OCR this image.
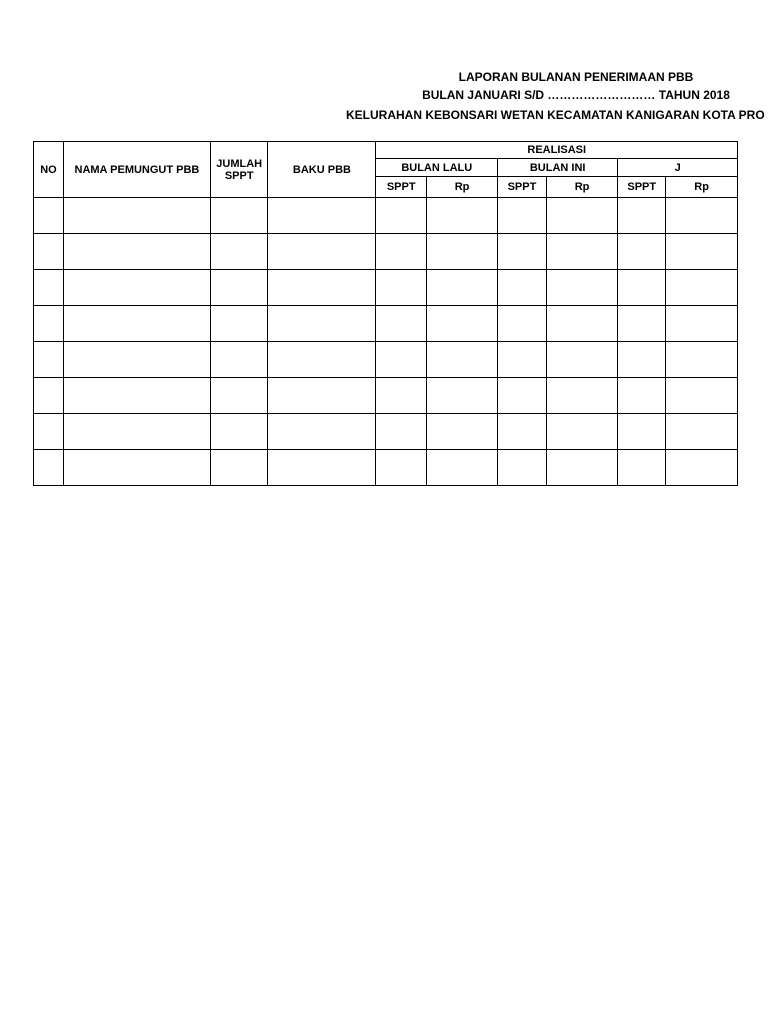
LAPORAN BULANAN PENERIMAAN PBB
BULAN JANUARI S/D ……………………… TAHUN 2018
KELURAHAN KEBONSARI WETAN KECAMATAN KANIGARAN KOTA PRO
NO	NAMA PEMUNGUT PBB	JUMLAH SPPT	BAKU PBB	REALISASI					
				BULAN LALU		BULAN INI		J	
				SPPT	Rp	SPPT	Rp	SPPT	Rp
